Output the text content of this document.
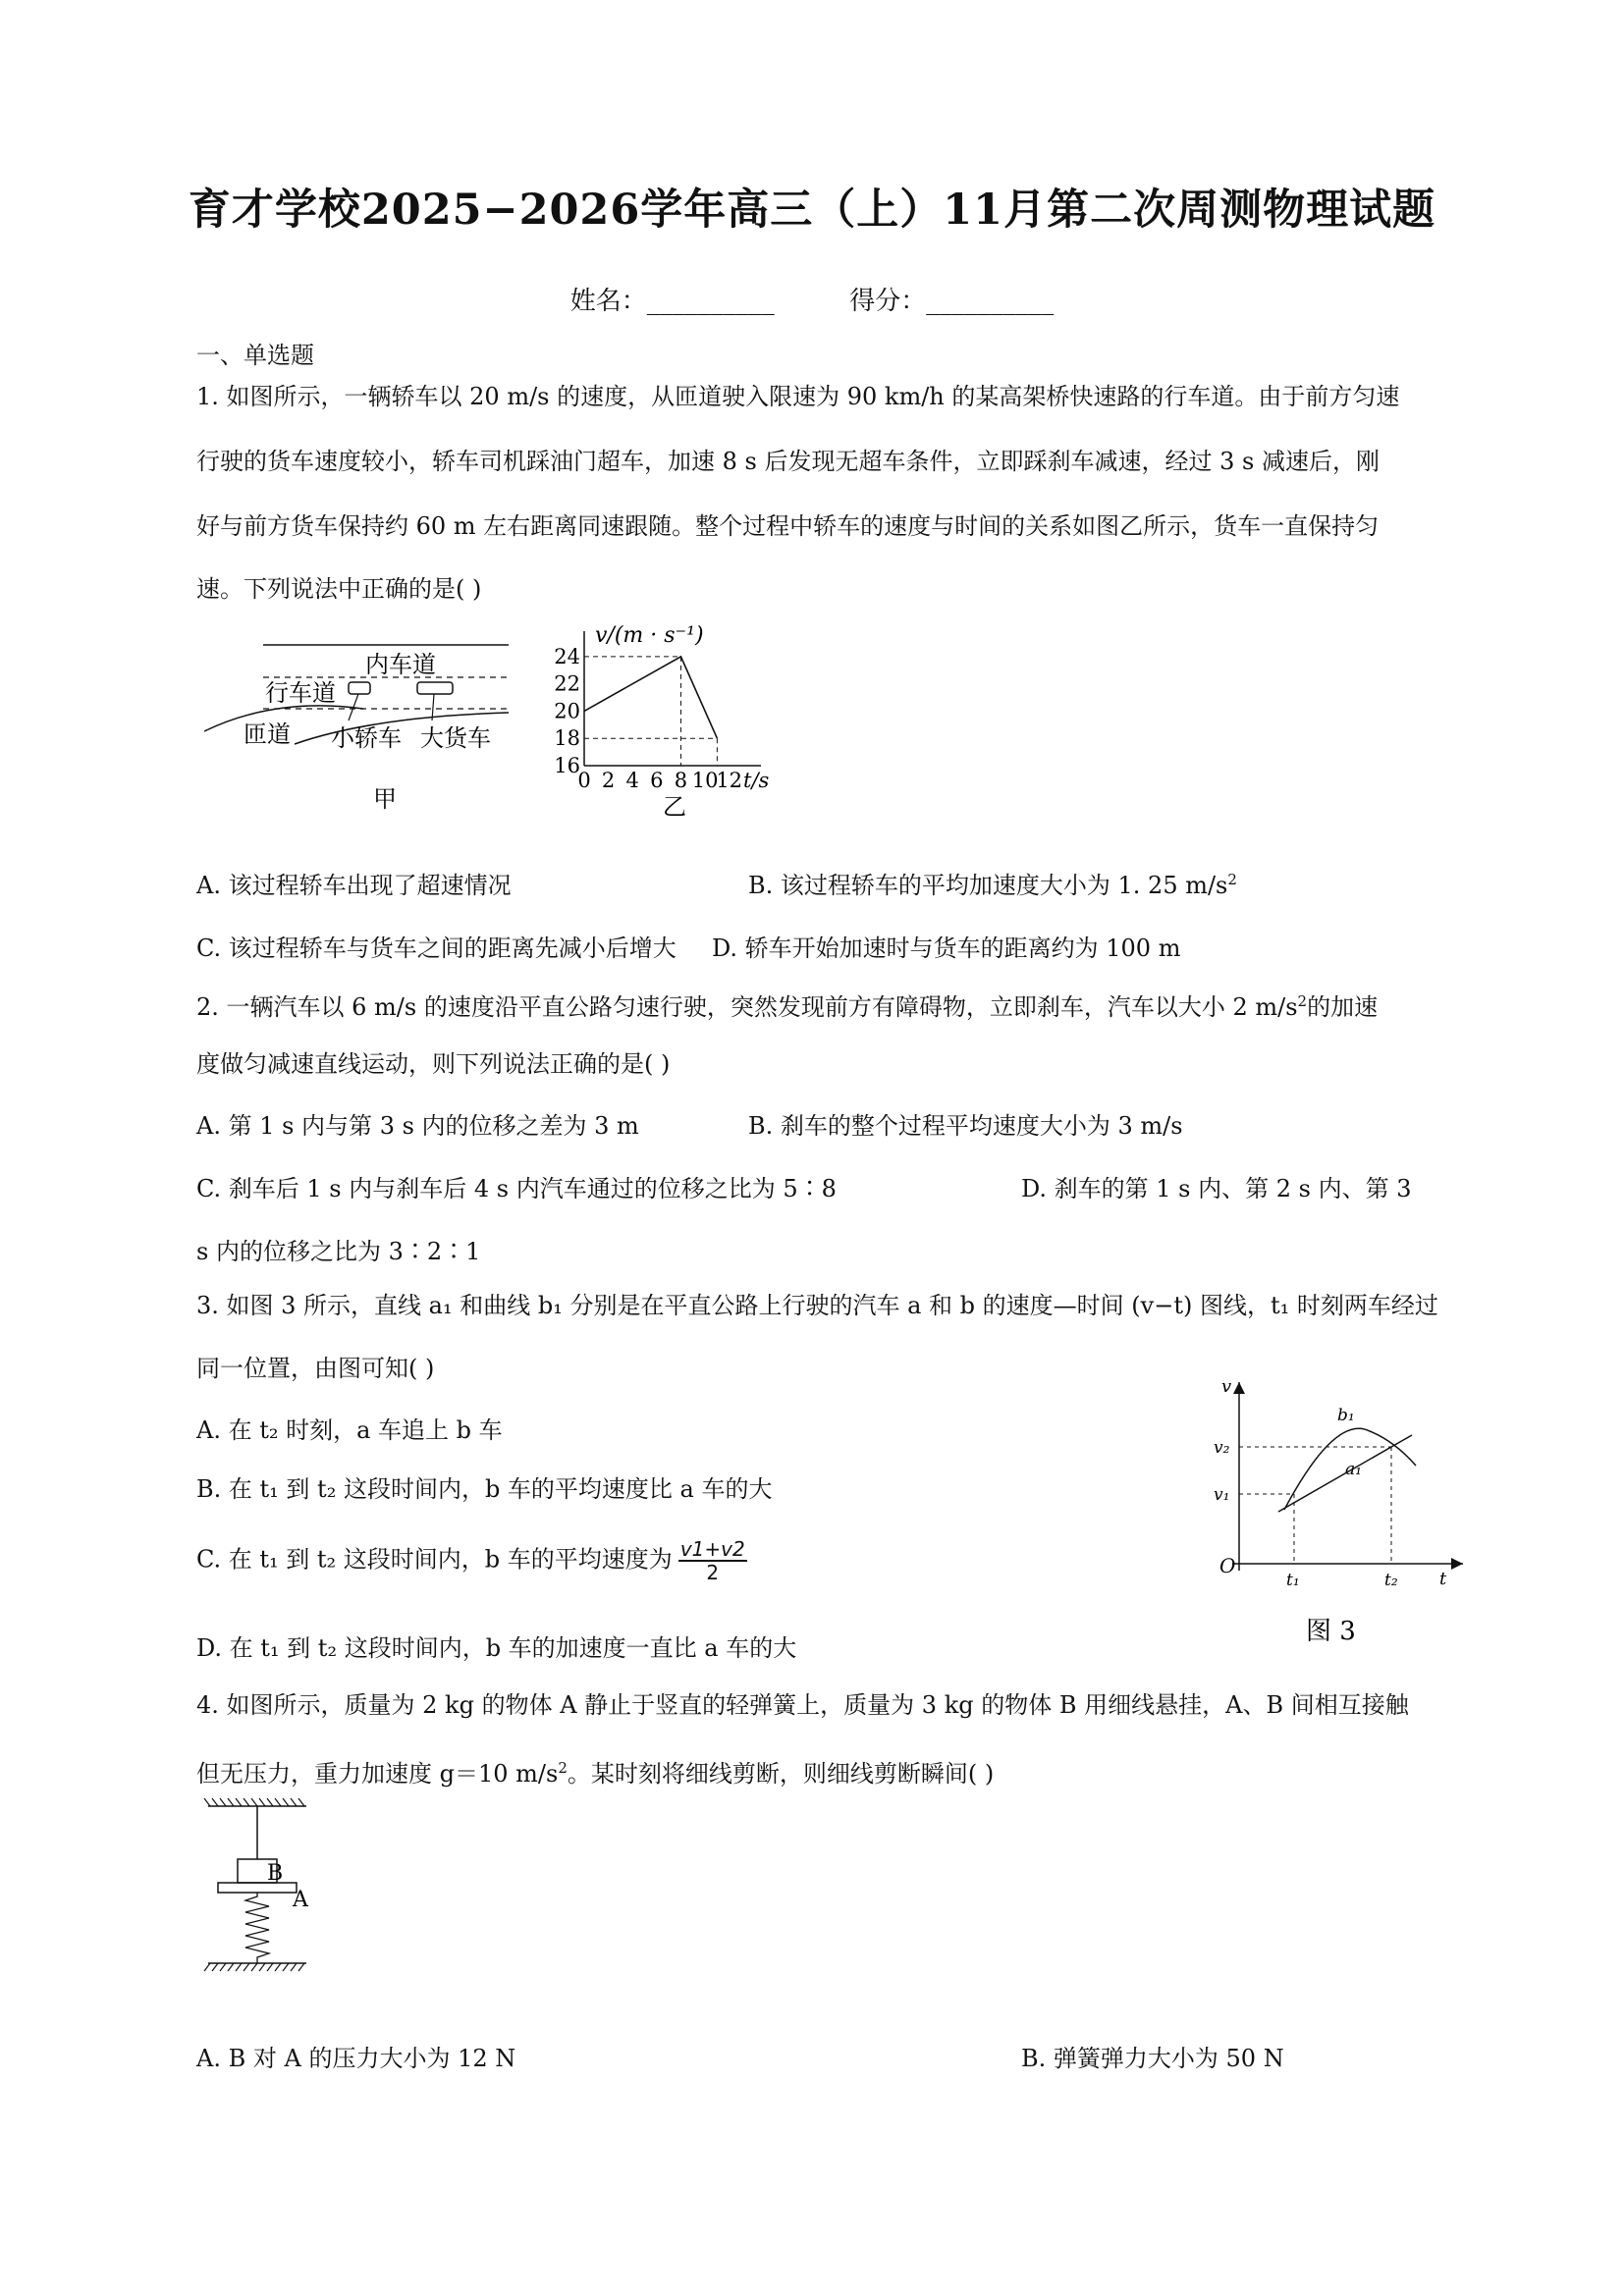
育才学校2025−2026学年高三（上）11月第二次周测物理试题
姓名：__________	得分：__________
一、单选题
1. 如图所示，一辆轿车以 20 m/s 的速度，从匝道驶入限速为 90 km/h 的某高架桥快速路的行车道。由于前方匀速
行驶的货车速度较小，轿车司机踩油门超车，加速 8 s 后发现无超车条件，立即踩刹车减速，经过 3 s 减速后，刚
好与前方货车保持约 60 m 左右距离同速跟随。整个过程中轿车的速度与时间的关系如图乙所示，货车一直保持匀
速。下列说法中正确的是( )
内车道
行车道
匝道 小轿车 大货车
甲
16
18
20
22
24
0 2 4 6 8 10
12 t/s
v/(m · s⁻¹)
乙
A. 该过程轿车出现了超速情况	B. 该过程轿车的平均加速度大小为 1. 25 $m/s^2$
C. 该过程轿车与货车之间的距离先减小后增大 D. 轿车开始加速时与货车的距离约为 100 m
2. 一辆汽车以 6 m/s 的速度沿平直公路匀速行驶，突然发现前方有障碍物，立即刹车，汽车以大小 2 $m/s^2$的加速
度做匀减速直线运动，则下列说法正确的是( )
A. 第 1 s 内与第 3 s 内的位移之差为 3 m	B. 刹车的整个过程平均速度大小为 3 m/s
C. 刹车后 1 s 内与刹车后 4 s 内汽车通过的位移之比为 5∶8	D. 刹车的第 1 s 内、第 2 s 内、第 3
s 内的位移之比为 3∶2∶1
3. 如图 3 所示，直线 a₁ 和曲线 b₁ 分别是在平直公路上行驶的汽车 a 和 b 的速度—时间 (v−t) 图线，t₁ 时刻两车经过
同一位置，由图可知( )
A. 在 t₂ 时刻，a 车追上 b 车
B. 在 t₁ 到 t₂ 这段时间内，b 车的平均速度比 a 车的大
C. 在 t₁ 到 t₂ 这段时间内，b 车的平均速度为 $\frac{v1+v2}{2}$
D. 在 t₁ 到 t₂ 这段时间内，b 车的加速度一直比 a 车的大
v
t
O
v₂
v₁
t₁	t₂
a₁
b₁
图 3
4. 如图所示，质量为 2 kg 的物体 A 静止于竖直的轻弹簧上，质量为 3 kg 的物体 B 用细线悬挂，A、B 间相互接触
但无压力，重力加速度 g＝10 $m/s^2$。某时刻将细线剪断，则细线剪断瞬间( )
B
A
A. B 对 A 的压力大小为 12 N	B. 弹簧弹力大小为 50 N
